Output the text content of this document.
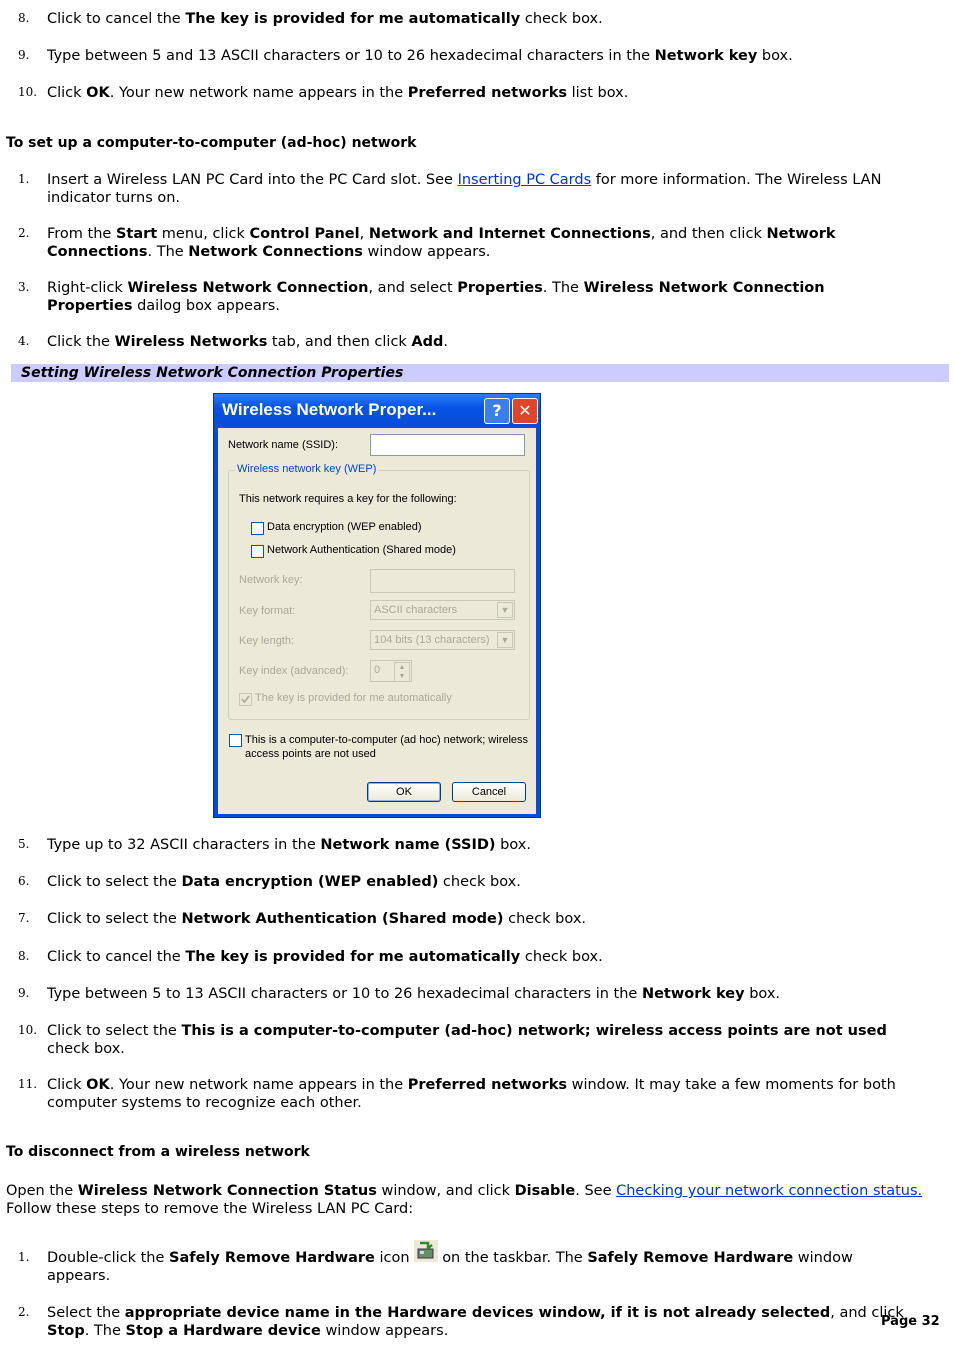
8. Click to cancel the The key is provided for me automatically check box.
9. Type between 5 and 13 ASCII characters or 10 to 26 hexadecimal characters in the Network key box.
10. Click OK. Your new network name appears in the Preferred networks list box.
To set up a computer-to-computer (ad-hoc) network
1. Insert a Wireless LAN PC Card into the PC Card slot. See Inserting PC Cards for more information. The Wireless LAN indicator turns on.
2. From the Start menu, click Control Panel, Network and Internet Connections, and then click Network Connections. The Network Connections window appears.
3. Right-click Wireless Network Connection, and select Properties. The Wireless Network Connection Properties dailog box appears.
4. Click the Wireless Networks tab, and then click Add.
Setting Wireless Network Connection Properties
Wireless Network Proper...	?	✕
Network name (SSID):
Wireless network key (WEP)
This network requires a key for the following:
Data encryption (WEP enabled)
Network Authentication (Shared mode)
Network key:
Key format:	ASCII characters	▼
Key length:	104 bits (13 characters)	▼
Key index (advanced):	0	▲
▼
The key is provided for me automatically
This is a computer-to-computer (ad hoc) network; wireless access points are not used
OK	Cancel
5. Type up to 32 ASCII characters in the Network name (SSID) box.
6. Click to select the Data encryption (WEP enabled) check box.
7. Click to select the Network Authentication (Shared mode) check box.
8. Click to cancel the The key is provided for me automatically check box.
9. Type between 5 to 13 ASCII characters or 10 to 26 hexadecimal characters in the Network key box.
10. Click to select the This is a computer-to-computer (ad-hoc) network; wireless access points are not used check box.
11. Click OK. Your new network name appears in the Preferred networks window. It may take a few moments for both computer systems to recognize each other.
To disconnect from a wireless network
Open the Wireless Network Connection Status window, and click Disable. See Checking your network connection status.
Follow these steps to remove the Wireless LAN PC Card:
1. Double-click the Safely Remove Hardware icon on the taskbar. The Safely Remove Hardware window appears.
2. Select the appropriate device name in the Hardware devices window, if it is not already selected, and click Stop. The Stop a Hardware device window appears.
Page 32
